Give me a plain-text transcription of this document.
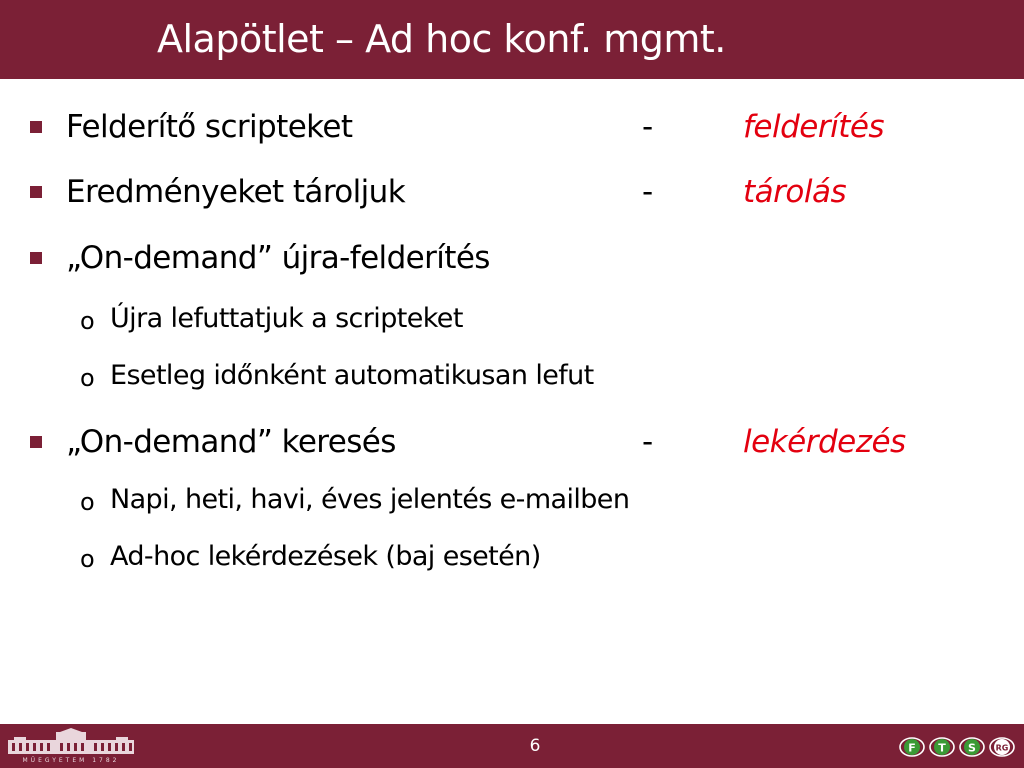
Alapötlet – Ad hoc konf. mgmt.
Felderítő scripteket	-	felderítés
Eredményeket tároljuk	-	tárolás
„On-demand” újra-felderítés
o Újra lefuttatjuk a scripteket
o Esetleg időnként automatikusan lefut
„On-demand” keresés	-	lekérdezés
o Napi, heti, havi, éves jelentés e-mailben
o Ad-hoc lekérdezések (baj esetén)
MŰEGYETEM 1782
6	F T S RG
